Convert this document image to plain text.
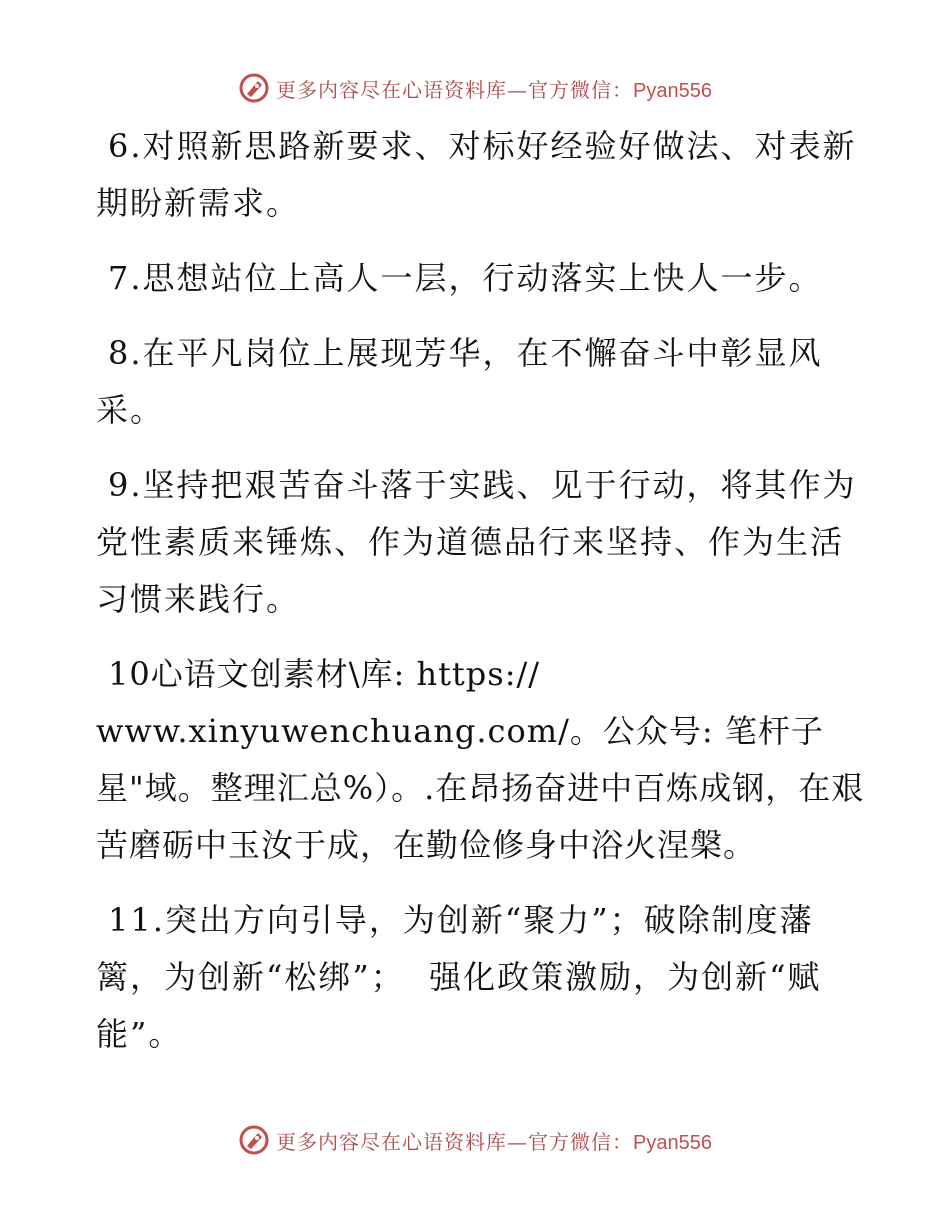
更多内容尽在心语资料库—官方微信：Pyan556

6.对照新思路新要求、对标好经验好做法、对表新期盼新需求。

7.思想站位上高人一层，行动落实上快人一步。

8.在平凡岗位上展现芳华，在不懈奋斗中彰显风采。

9.坚持把艰苦奋斗落于实践、见于行动，将其作为党性素质来锤炼、作为道德品行来坚持、作为生活习惯来践行。

10心语文创素材\库: https://
www.xinyuwenchuang.com/。公众号: 笔杆子
星"域。整理汇总%）。.在昂扬奋进中百炼成钢，在艰苦磨砺中玉汝于成，在勤俭修身中浴火涅槃。

11.突出方向引导，为创新“聚力”；破除制度藩篱，为创新“松绑”；  强化政策激励，为创新“赋能”。

更多内容尽在心语资料库—官方微信：Pyan556
